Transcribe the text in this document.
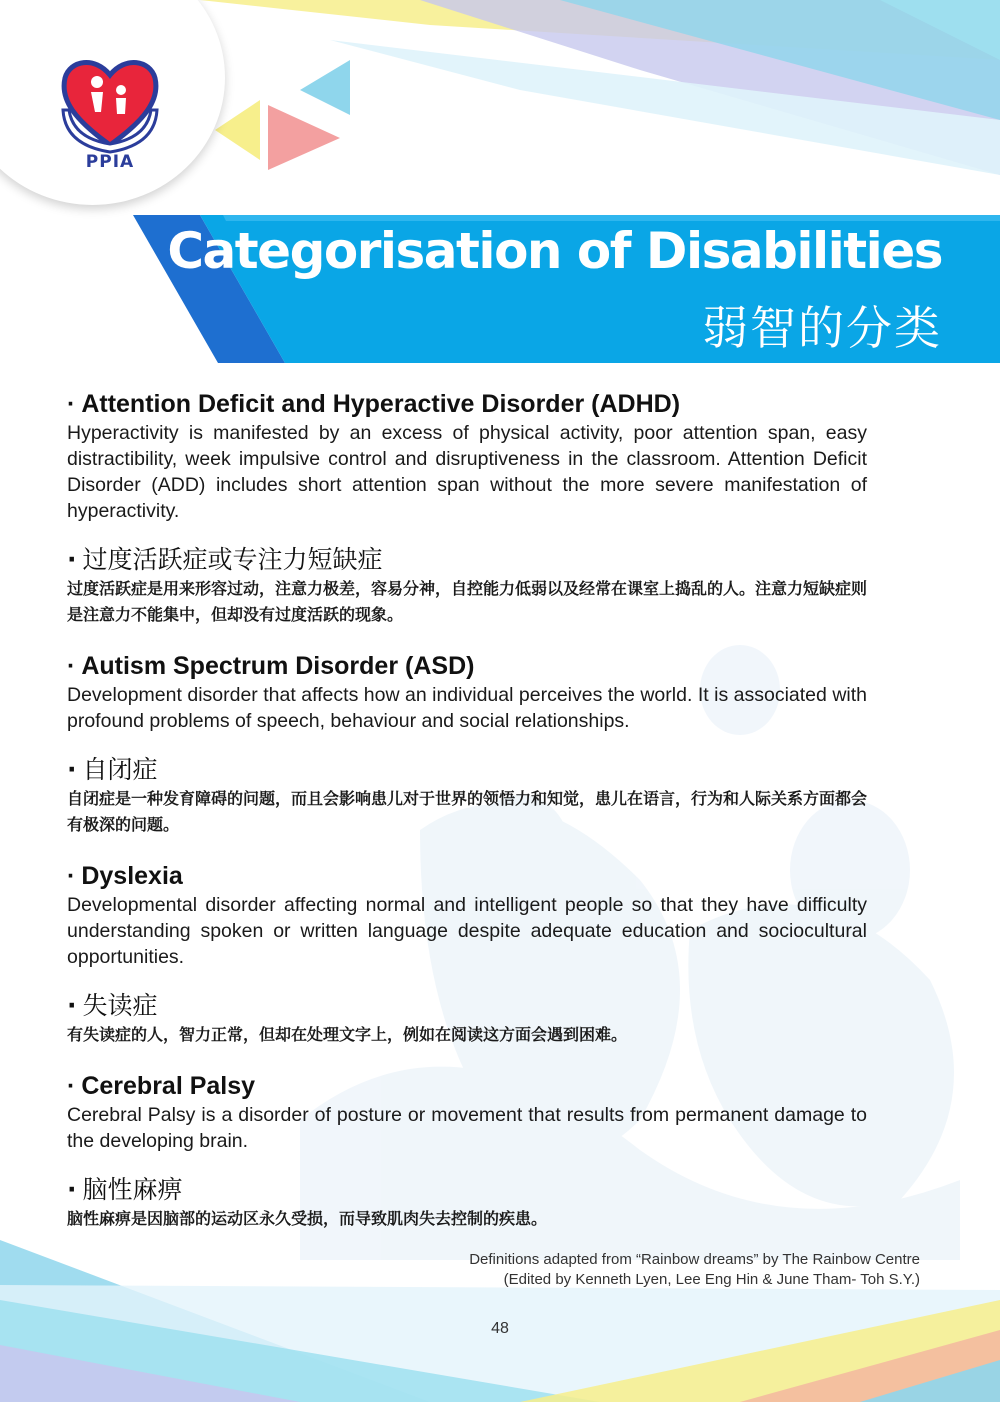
PPIA
Categorisation of Disabilities
弱智的分类

· Attention Deficit and Hyperactive Disorder (ADHD)

Hyperactivity is manifested by an excess of physical activity, poor attention span, easy distractibility, week impulsive control and disruptiveness in the classroom. Attention Deficit Disorder (ADD) includes short attention span without the more severe manifestation of hyperactivity.

· 过度活跃症或专注力短缺症

过度活跃症是用来形容过动，注意力极差，容易分神，自控能力低弱以及经常在课室上捣乱的人。注意力短缺症则是注意力不能集中，但却没有过度活跃的现象。

· Autism Spectrum Disorder (ASD)

Development disorder that affects how an individual perceives the world. It is associated with profound problems of speech, behaviour and social relationships.

· 自闭症

自闭症是一种发育障碍的问题，而且会影响患儿对于世界的领悟力和知觉，患儿在语言，行为和人际关系方面都会有极深的问题。

· Dyslexia

Developmental disorder affecting normal and intelligent people so that they have difficulty understanding spoken or written language despite adequate education and sociocultural opportunities.

· 失读症

有失读症的人，智力正常，但却在处理文字上，例如在阅读这方面会遇到困难。

· Cerebral Palsy

Cerebral Palsy is a disorder of posture or movement that results from permanent damage to the developing brain.

· 脑性麻痹

脑性麻痹是因脑部的运动区永久受损，而导致肌肉失去控制的疾患。

Definitions adapted from “Rainbow dreams” by The Rainbow Centre
(Edited by Kenneth Lyen, Lee Eng Hin & June Tham- Toh S.Y.)
48
